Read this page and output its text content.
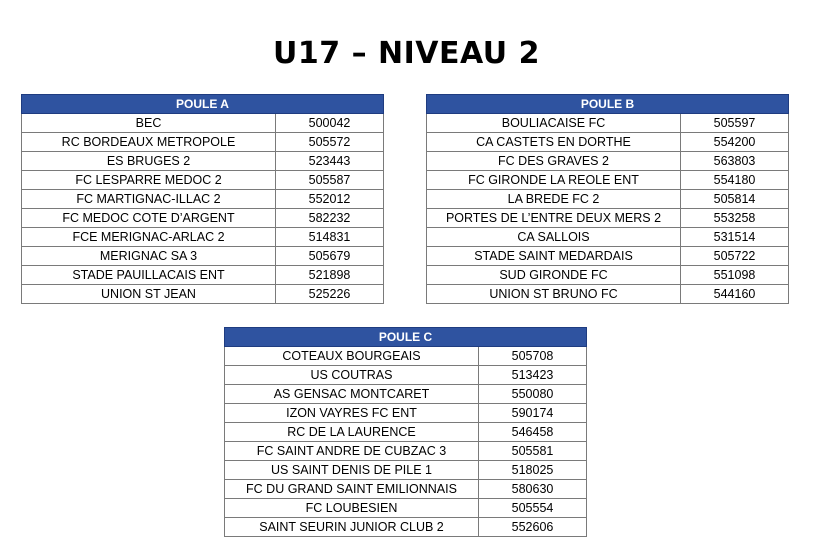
U17 – NIVEAU 2
POULE A	
BEC	500042
RC BORDEAUX METROPOLE	505572
ES BRUGES 2	523443
FC LESPARRE MEDOC 2	505587
FC MARTIGNAC-ILLAC 2	552012
FC MEDOC COTE D’ARGENT	582232
FCE MERIGNAC-ARLAC 2	514831
MERIGNAC SA 3	505679
STADE PAUILLACAIS ENT	521898
UNION ST JEAN	525226
POULE B	
BOULIACAISE FC	505597
CA CASTETS EN DORTHE	554200
FC DES GRAVES 2	563803
FC GIRONDE LA REOLE ENT	554180
LA BREDE FC 2	505814
PORTES DE L’ENTRE DEUX MERS 2	553258
CA SALLOIS	531514
STADE SAINT MEDARDAIS	505722
SUD GIRONDE FC	551098
UNION ST BRUNO FC	544160
POULE C	
COTEAUX BOURGEAIS	505708
US COUTRAS	513423
AS GENSAC MONTCARET	550080
IZON VAYRES FC ENT	590174
RC DE LA LAURENCE	546458
FC SAINT ANDRE DE CUBZAC 3	505581
US SAINT DENIS DE PILE 1	518025
FC DU GRAND SAINT EMILIONNAIS	580630
FC LOUBESIEN	505554
SAINT SEURIN JUNIOR CLUB 2	552606
